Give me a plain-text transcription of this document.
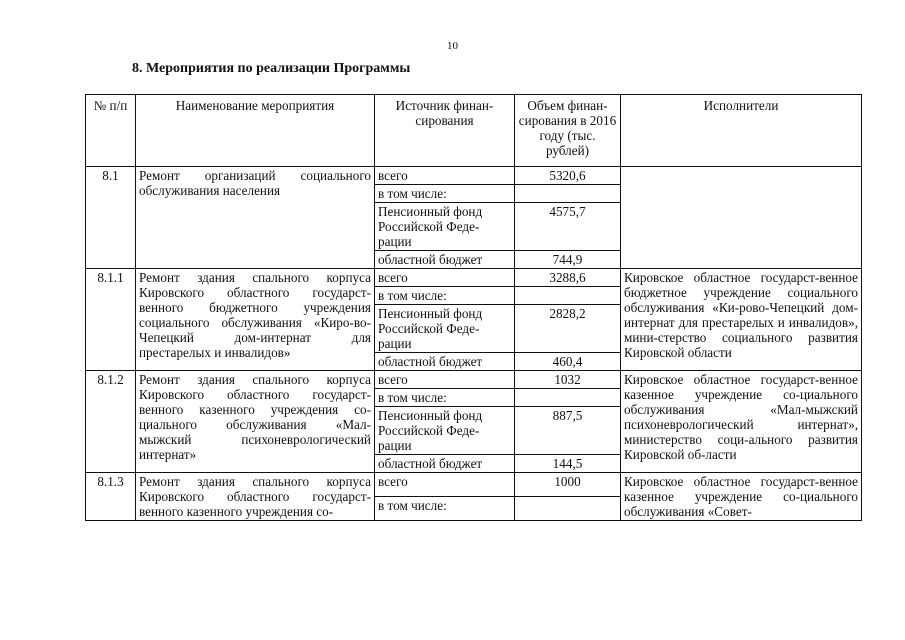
10
8. Мероприятия по реализации Программы
№ п/п	Наименование мероприятия	Источник финан-сирования	Объем финан-сирования в 2016 году (тыс. рублей)	Исполнители
8.1	Ремонт организаций социального обслуживания населения	всего	5320,6	
		в том числе:		
		Пенсионный фонд Российской Феде-рации	4575,7	
		областной бюджет	744,9	
8.1.1	Ремонт здания спального корпуса Кировского областного государст-венного бюджетного учреждения социального обслуживания «Киро-во-Чепецкий дом-интернат для престарелых и инвалидов»	всего	3288,6	Кировское областное государст-венное бюджетное учреждение социального обслуживания «Ки-рово-Чепецкий дом-интернат для престарелых и инвалидов», мини-стерство социального развития Кировской области
		в том числе:		
		Пенсионный фонд Российской Феде-рации	2828,2	
		областной бюджет	460,4	
8.1.2	Ремонт здания спального корпуса Кировского областного государст-венного казенного учреждения со-циального обслуживания «Мал-мыжский психоневрологический интернат»	всего	1032	Кировское областное государст-венное казенное учреждение со-циального обслуживания «Мал-мыжский психоневрологический интернат», министерство соци-ального развития Кировской об-ласти
		в том числе:		
		Пенсионный фонд Российской Феде-рации	887,5	
		областной бюджет	144,5	
8.1.3	Ремонт здания спального корпуса Кировского областного государст-венного казенного учреждения со-	всего	1000	Кировское областное государст-венное казенное учреждение со-циального обслуживания «Совет-
		в том числе:		
